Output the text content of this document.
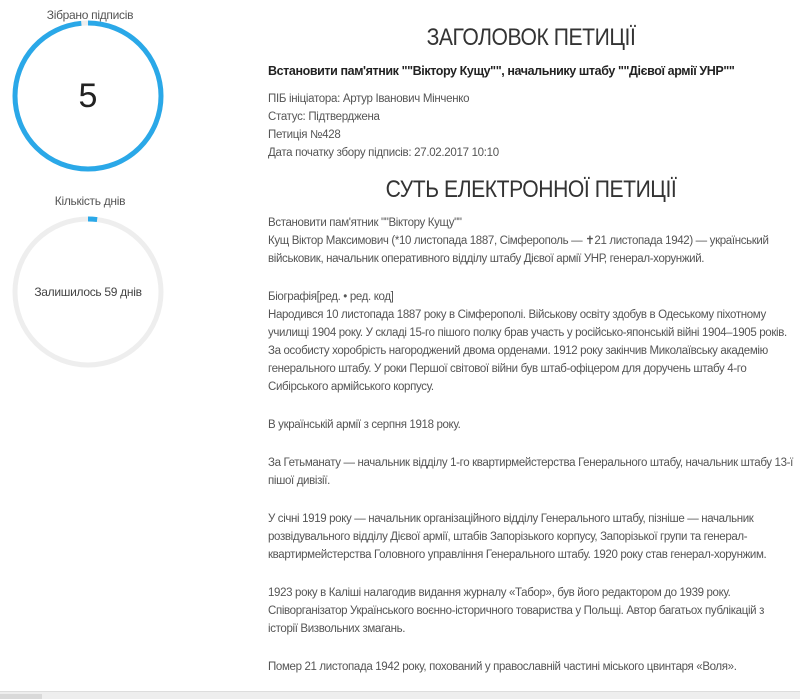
Зібрано підписів
5
Кількість днів
Залишилось 59 днів
ЗАГОЛОВОК ПЕТИЦІЇ

Встановити пам'ятник ""Віктору Кущу"", начальнику штабу ""Дієвої армії УНР""

ПІБ ініціатора: Артур Іванович Мінченко
Статус: Підтверджена
Петиція №428
Дата початку збору підписів: 27.02.2017 10:10
СУТЬ ЕЛЕКТРОННОЇ ПЕТИЦІЇ

Встановити пам'ятник ""Віктору Кущу""
Кущ Віктор Максимович (*10 листопада 1887, Сімферополь — ✝21 листопада 1942) — український військовик, начальник оперативного відділу штабу Дієвої армії УНР, генерал-хорунжий.

Біографія[ред. • ред. код]
Народився 10 листопада 1887 року в Сімферополі. Військову освіту здобув в Одеському піхотному училищі 1904 року. У складі 15-го пішого полку брав участь у російсько-японській війні 1904–1905 років. За особисту хоробрість нагороджений двома орденами. 1912 року закінчив Миколаївську академію генерального штабу. У роки Першої світової війни був штаб-офіцером для доручень штабу 4-го Сибірського армійського корпусу.

В українській армії з серпня 1918 року.

За Гетьманату — начальник відділу 1-го квартирмейстерства Генерального штабу, начальник штабу 13-ї пішої дивізії.

У січні 1919 року — начальник організаційного відділу Генерального штабу, пізніше — начальник розвідувального відділу Дієвої армії, штабів Запорізького корпусу, Запорізької групи та генерал-квартирмейстерства Головного управління Генерального штабу. 1920 року став генерал-хорунжим.

1923 року в Каліші налагодив видання журналу «Табор», був його редактором до 1939 року. Співорганізатор Українського воєнно-історичного товариства у Польщі. Автор багатьох публікацій з історії Визвольних змагань.

Помер 21 листопада 1942 року, похований у православній частині міського цвинтаря «Воля».
